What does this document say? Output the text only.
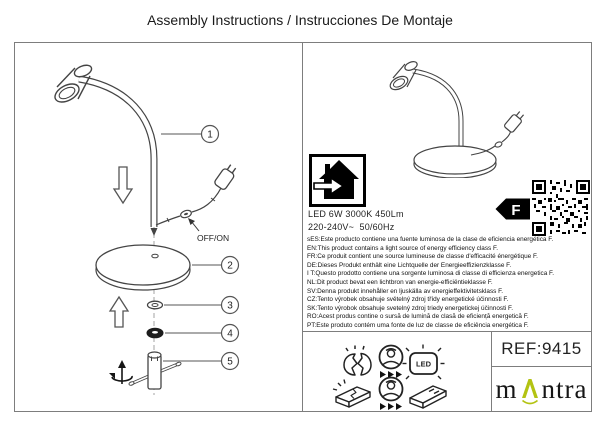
Assembly Instructions / Instrucciones De Montaje
OFF/ON
1
2
3
4
5
LED 6W 3000K 450Lm
220-240V~  50/60Hz
F
sES:Este producto contiene una fuente luminosa de la clase de eficiencia energética F.
EN:This product contains a light source of energy efficiency class F.
FR:Ce produit contient une source lumineuse de classe d'efficacité énergétique F.
DE:Dieses Produkt enthält eine Lichtquelle der Energieeffizienzklasse F.
I T:Questo prodotto contiene una sorgente luminosa di classe di efficienza energetica F.
NL:Dit product bevat een lichtbron van energie-efficiëntieklasse F.
SV:Denna produkt innehåller en ljuskälla av energieffektivitetsklass F.
CZ:Tento výrobek obsahuje světelný zdroj třídy energetické účinnosti F.
SK:Tento výrobok obsahuje svetelný zdroj triedy energetickej účinnosti F.
RO:Acest produs contine o sursă de lumină de clasă de eficiență energetică F.
PT:Este produto contém uma fonte de luz de classe de eficiência energética F.
LED
REF:9415
m ntra
